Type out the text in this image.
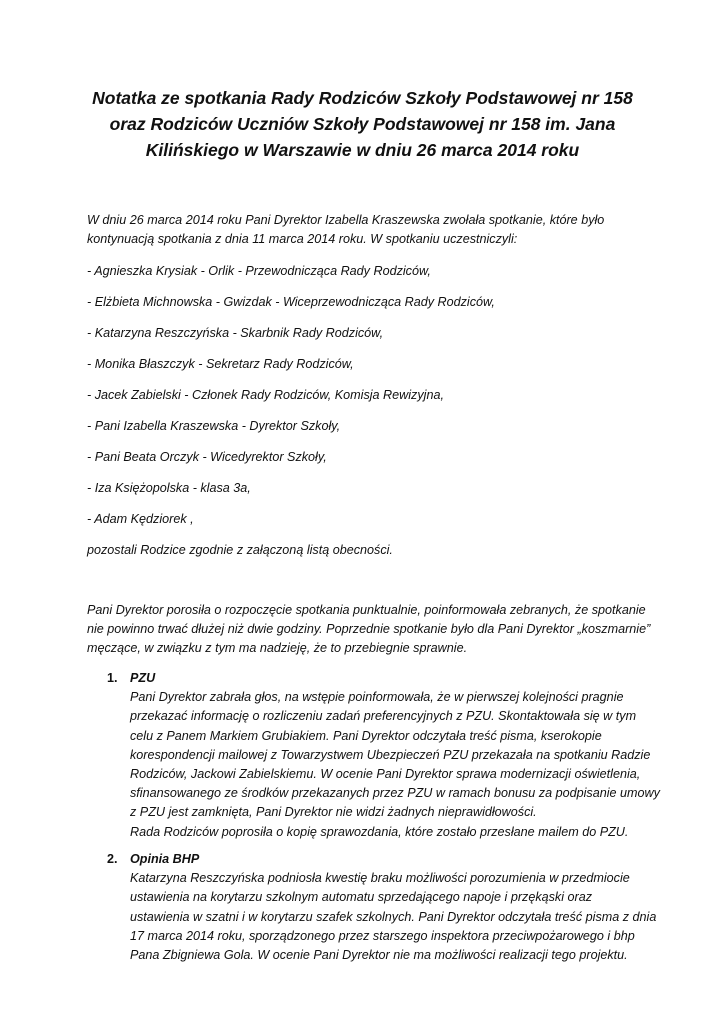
Notatka ze spotkania Rady Rodziców Szkoły Podstawowej nr 158
oraz Rodziców Uczniów Szkoły Podstawowej nr 158 im. Jana
Kilińskiego w Warszawie w dniu 26 marca 2014 roku

W dniu 26 marca 2014 roku Pani Dyrektor Izabella Kraszewska zwołała spotkanie, które było
kontynuacją spotkania z dnia 11 marca 2014 roku. W spotkaniu uczestniczyli:

- Agnieszka Krysiak - Orlik - Przewodnicząca Rady Rodziców,

- Elżbieta Michnowska - Gwizdak - Wiceprzewodnicząca Rady Rodziców,

- Katarzyna Reszczyńska - Skarbnik Rady Rodziców,

- Monika Błaszczyk - Sekretarz Rady Rodziców,

- Jacek Zabielski - Członek Rady Rodziców, Komisja Rewizyjna,

- Pani Izabella Kraszewska - Dyrektor Szkoły,

- Pani Beata Orczyk - Wicedyrektor Szkoły,

- Iza Księżopolska - klasa 3a,

- Adam Kędziorek ,

pozostali Rodzice zgodnie z załączoną listą obecności.

Pani Dyrektor porosiła o rozpoczęcie spotkania punktualnie, poinformowała zebranych, że spotkanie
nie powinno trwać dłużej niż dwie godziny. Poprzednie spotkanie było dla Pani Dyrektor „koszmarnie”
męczące, w związku z tym ma nadzieję, że to przebiegnie sprawnie.

1. PZU
Pani Dyrektor zabrała głos, na wstępie poinformowała, że w pierwszej kolejności pragnie
przekazać informację o rozliczeniu zadań preferencyjnych z PZU. Skontaktowała się w tym
celu z Panem Markiem Grubiakiem. Pani Dyrektor odczytała treść pisma, kserokopie
korespondencji mailowej z Towarzystwem Ubezpieczeń PZU przekazała na spotkaniu Radzie
Rodziców, Jackowi Zabielskiemu. W ocenie Pani Dyrektor sprawa modernizacji oświetlenia,
sfinansowanego ze środków przekazanych przez PZU w ramach bonusu za podpisanie umowy
z PZU jest zamknięta, Pani Dyrektor nie widzi żadnych nieprawidłowości.
Rada Rodziców poprosiła o kopię sprawozdania, które zostało przesłane mailem do PZU.
2. Opinia BHP
Katarzyna Reszczyńska podniosła kwestię braku możliwości porozumienia w przedmiocie
ustawienia na korytarzu szkolnym automatu sprzedającego napoje i przękąski oraz
ustawienia w szatni i w korytarzu szafek szkolnych. Pani Dyrektor odczytała treść pisma z dnia
17 marca 2014 roku, sporządzonego przez starszego inspektora przeciwpożarowego i bhp
Pana Zbigniewa Gola. W ocenie Pani Dyrektor nie ma możliwości realizacji tego projektu.
